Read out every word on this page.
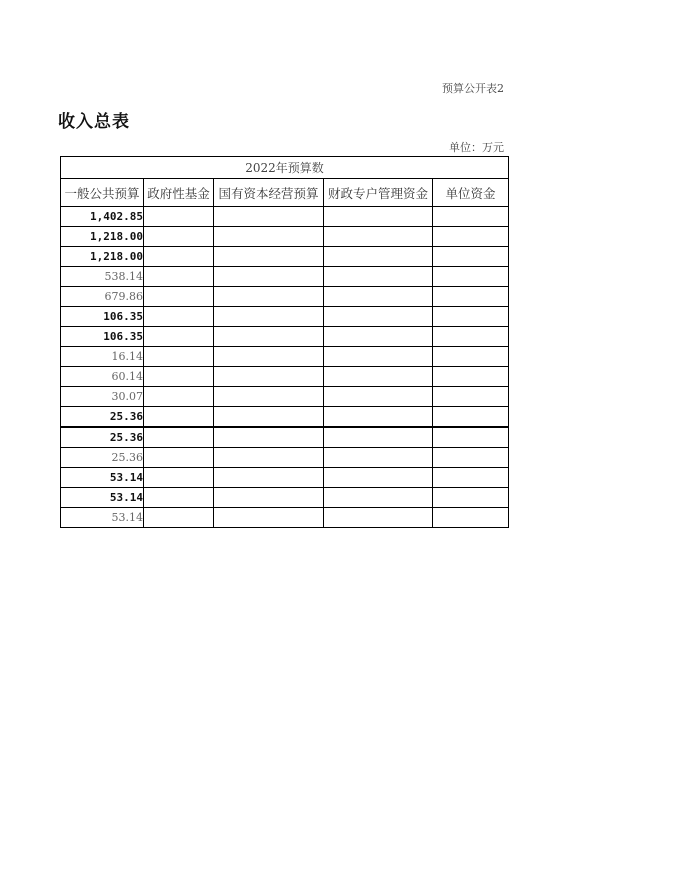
预算公开表2
收入总表
单位：万元
2022年预算数				
一般公共预算	政府性基金	国有资本经营预算	财政专户管理资金	单位资金
1,402.85				
1,218.00				
1,218.00				
538.14				
679.86				
106.35				
106.35				
16.14				
60.14				
30.07				
25.36				
25.36				
25.36				
53.14				
53.14				
53.14				
